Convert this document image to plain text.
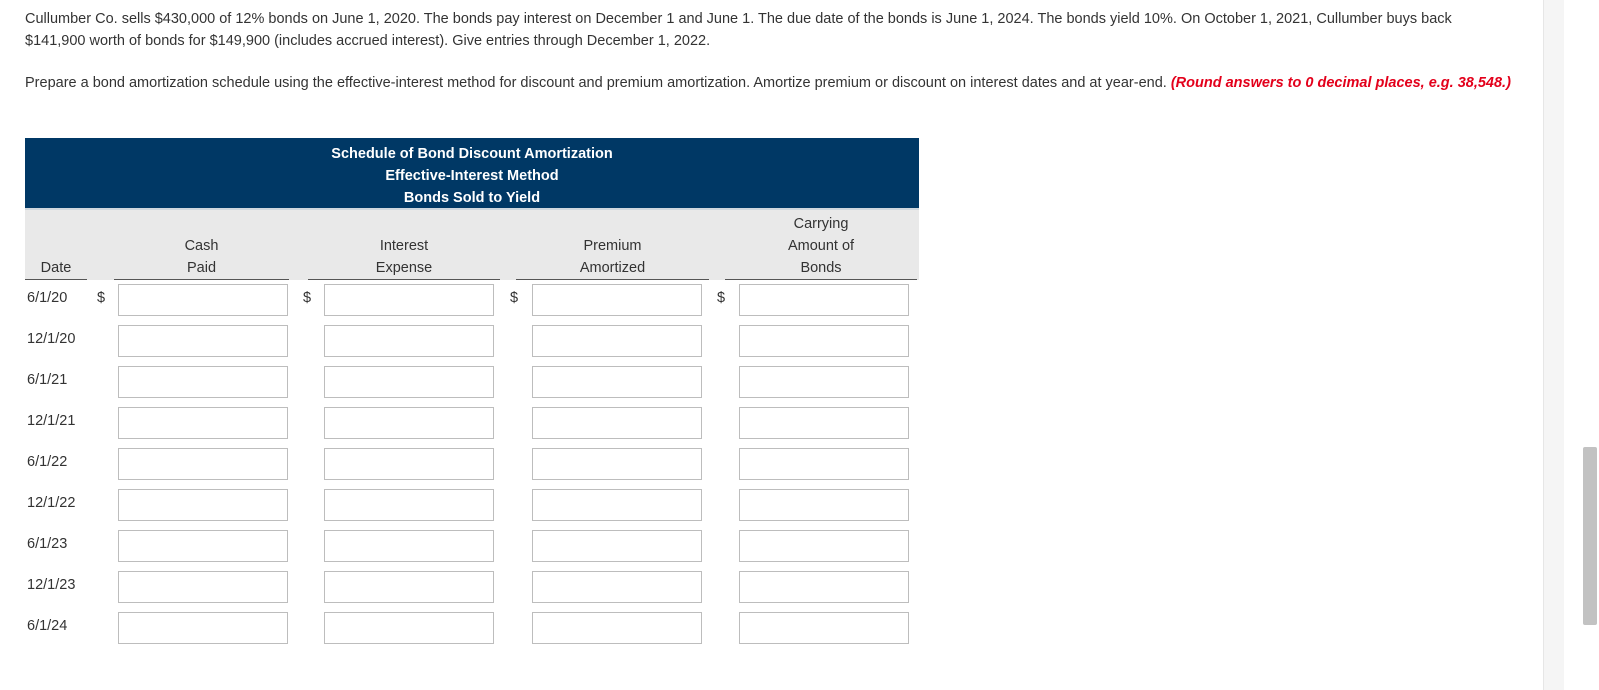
Cullumber Co. sells $430,000 of 12% bonds on June 1, 2020. The bonds pay interest on December 1 and June 1. The due date of the bonds is June 1, 2024. The bonds yield 10%. On October 1, 2021, Cullumber buys back $141,900 worth of bonds for $149,900 (includes accrued interest). Give entries through December 1, 2022.

Prepare a bond amortization schedule using the effective-interest method for discount and premium amortization. Amortize premium or discount on interest dates and at year-end. (Round answers to 0 decimal places, e.g. 38,548.)

Schedule of Bond Discount Amortization
Effective-Interest Method
Bonds Sold to Yield
Date
Cash
Paid
Interest
Expense
Premium
Amortized
Carrying
Amount of
Bonds
6/1/20 $	$	$	$
12/1/20
6/1/21
12/1/21
6/1/22
12/1/22
6/1/23
12/1/23
6/1/24
